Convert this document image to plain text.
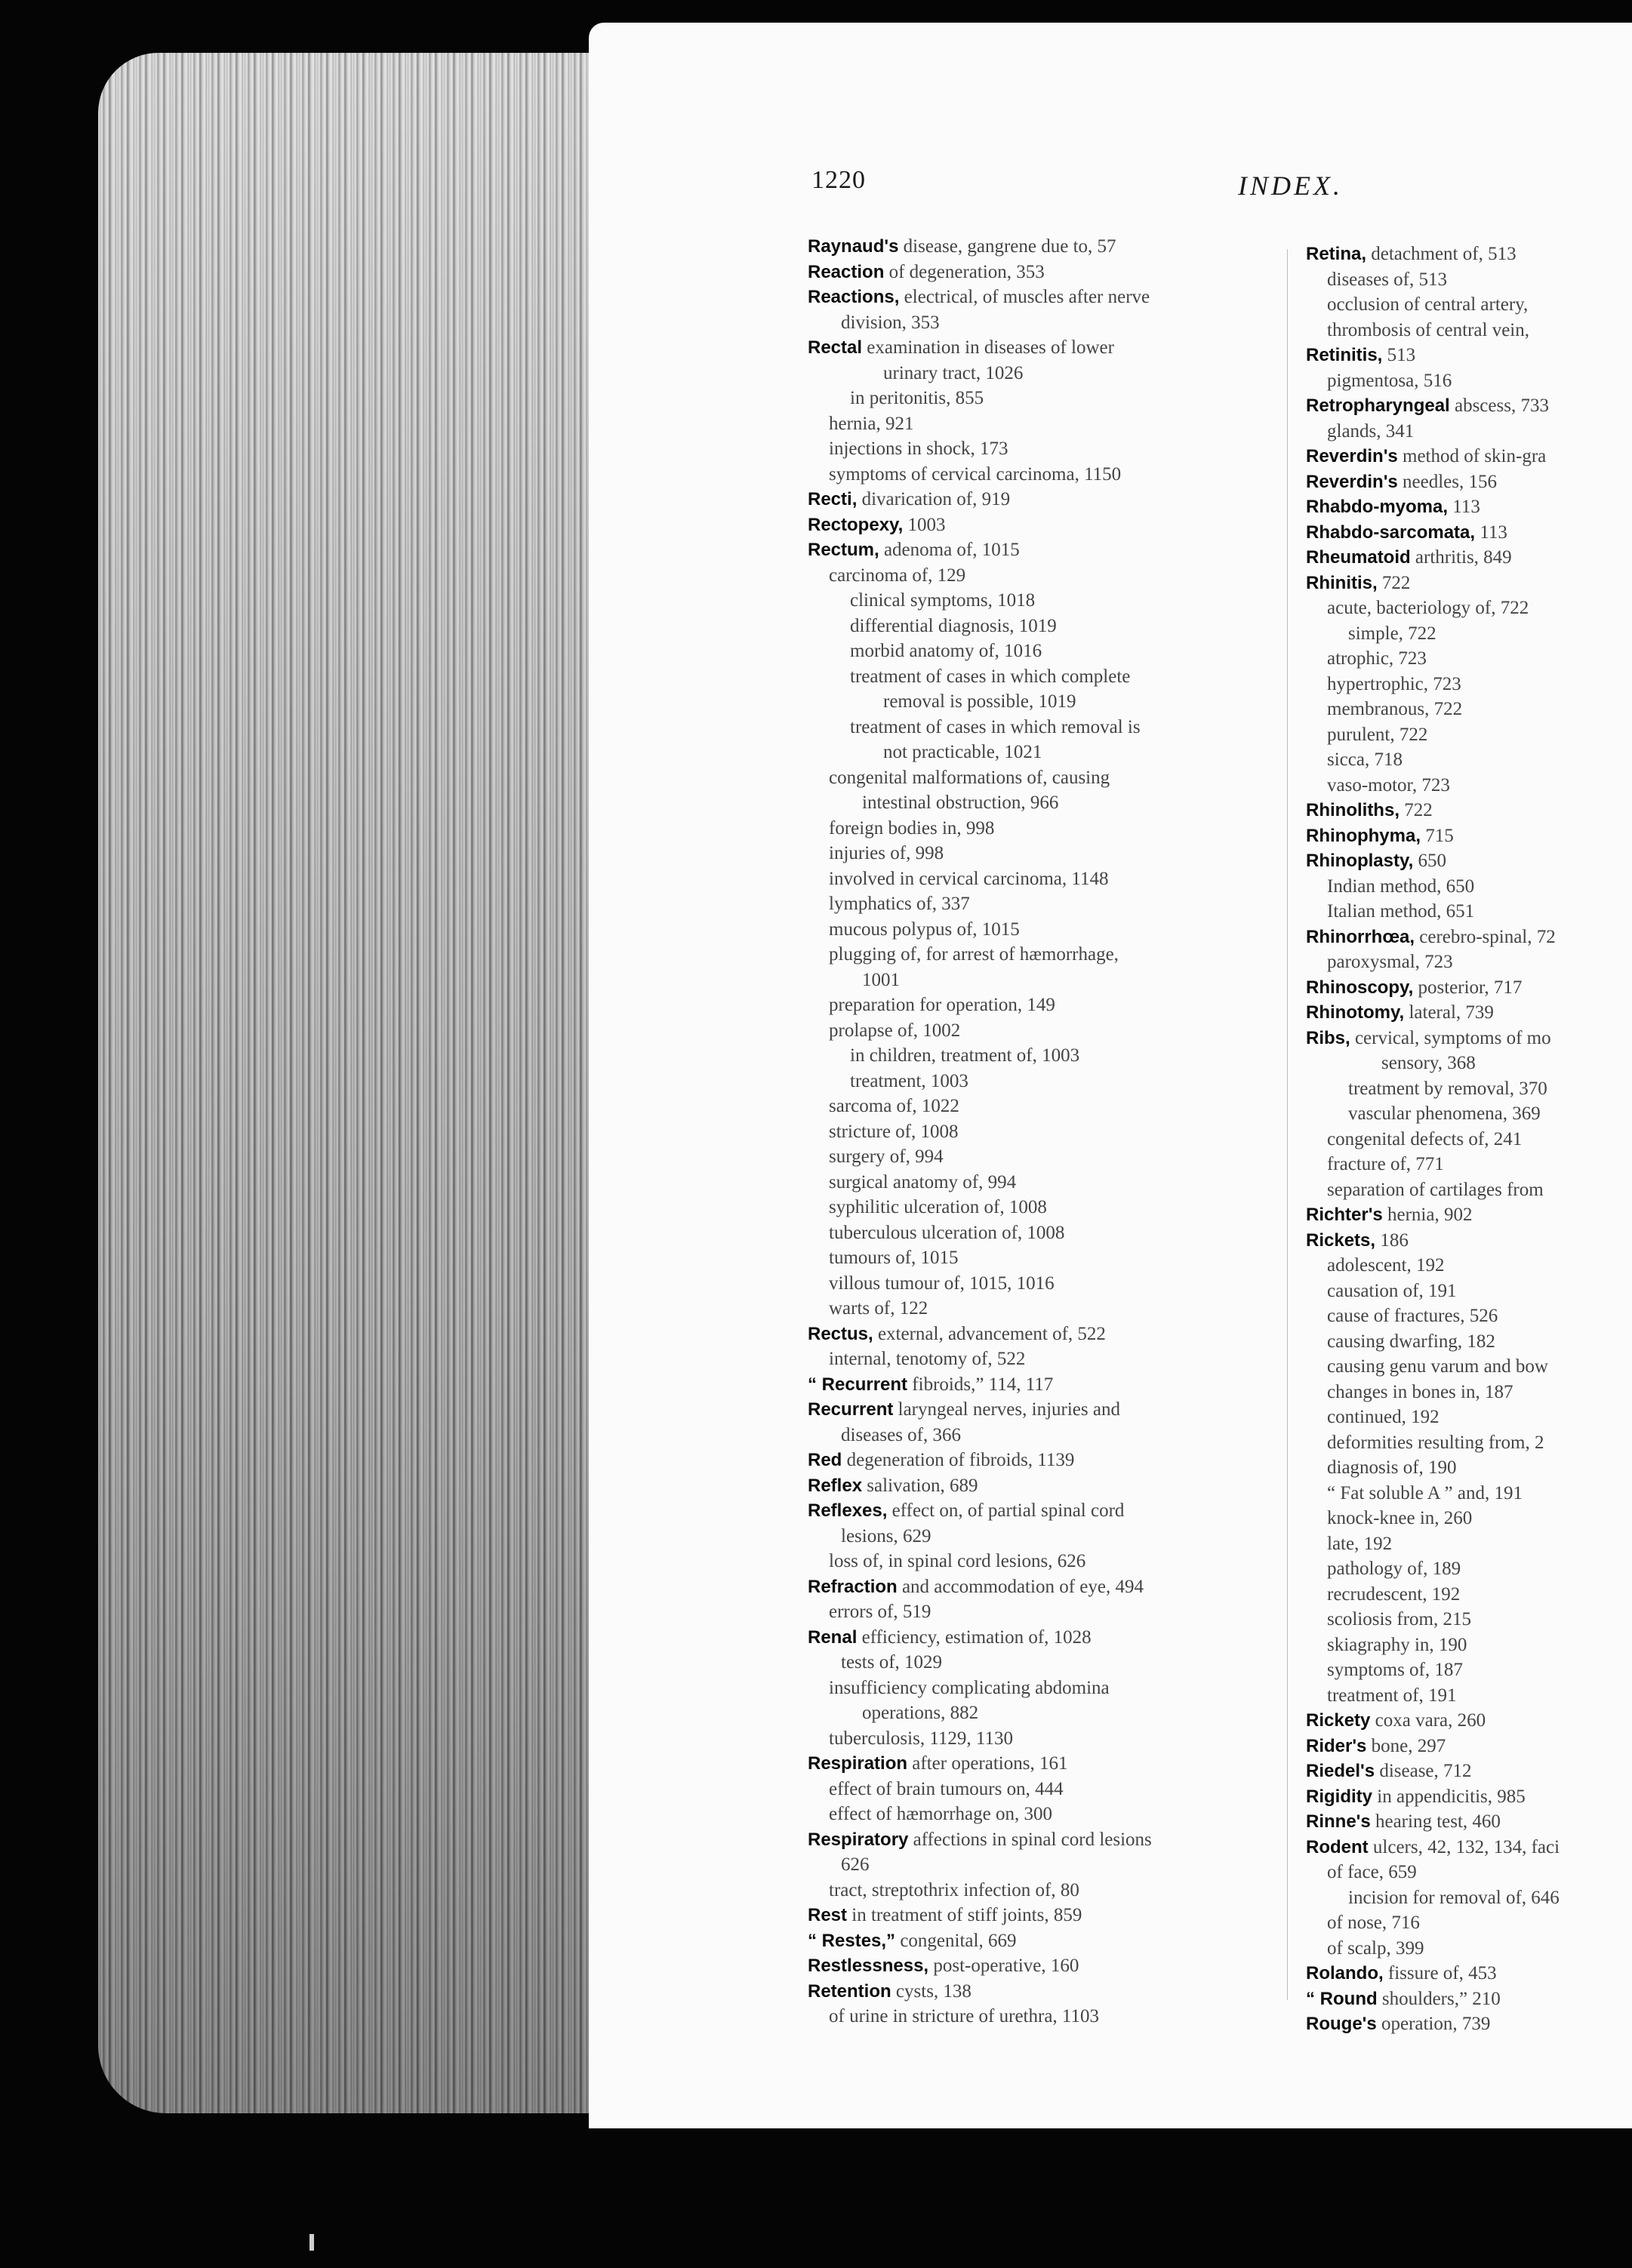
1220	INDEX.
Raynaud's disease, gangrene due to, 57
Reaction of degeneration, 353
Reactions, electrical, of muscles after nerve
division, 353
Rectal examination in diseases of lower
urinary tract, 1026
in peritonitis, 855
hernia, 921
injections in shock, 173
symptoms of cervical carcinoma, 1150
Recti, divarication of, 919
Rectopexy, 1003
Rectum, adenoma of, 1015
carcinoma of, 129
clinical symptoms, 1018
differential diagnosis, 1019
morbid anatomy of, 1016
treatment of cases in which complete
removal is possible, 1019
treatment of cases in which removal is
not practicable, 1021
congenital malformations of, causing
intestinal obstruction, 966
foreign bodies in, 998
injuries of, 998
involved in cervical carcinoma, 1148
lymphatics of, 337
mucous polypus of, 1015
plugging of, for arrest of hæmorrhage,
1001
preparation for operation, 149
prolapse of, 1002
in children, treatment of, 1003
treatment, 1003
sarcoma of, 1022
stricture of, 1008
surgery of, 994
surgical anatomy of, 994
syphilitic ulceration of, 1008
tuberculous ulceration of, 1008
tumours of, 1015
villous tumour of, 1015, 1016
warts of, 122
Rectus, external, advancement of, 522
internal, tenotomy of, 522
“ Recurrent fibroids,” 114, 117
Recurrent laryngeal nerves, injuries and
diseases of, 366
Red degeneration of fibroids, 1139
Reflex salivation, 689
Reflexes, effect on, of partial spinal cord
lesions, 629
loss of, in spinal cord lesions, 626
Refraction and accommodation of eye, 494
errors of, 519
Renal efficiency, estimation of, 1028
tests of, 1029
insufficiency complicating abdomina
operations, 882
tuberculosis, 1129, 1130
Respiration after operations, 161
effect of brain tumours on, 444
effect of hæmorrhage on, 300
Respiratory affections in spinal cord lesions
626
tract, streptothrix infection of, 80
Rest in treatment of stiff joints, 859
“ Restes,” congenital, 669
Restlessness, post-operative, 160
Retention cysts, 138
of urine in stricture of urethra, 1103
Retina, detachment of, 513
diseases of, 513
occlusion of central artery,
thrombosis of central vein,
Retinitis, 513
pigmentosa, 516
Retropharyngeal abscess, 733
glands, 341
Reverdin's method of skin-gra
Reverdin's needles, 156
Rhabdo-myoma, 113
Rhabdo-sarcomata, 113
Rheumatoid arthritis, 849
Rhinitis, 722
acute, bacteriology of, 722
simple, 722
atrophic, 723
hypertrophic, 723
membranous, 722
purulent, 722
sicca, 718
vaso-motor, 723
Rhinoliths, 722
Rhinophyma, 715
Rhinoplasty, 650
Indian method, 650
Italian method, 651
Rhinorrhœa, cerebro-spinal, 72
paroxysmal, 723
Rhinoscopy, posterior, 717
Rhinotomy, lateral, 739
Ribs, cervical, symptoms of mo
sensory, 368
treatment by removal, 370
vascular phenomena, 369
congenital defects of, 241
fracture of, 771
separation of cartilages from
Richter's hernia, 902
Rickets, 186
adolescent, 192
causation of, 191
cause of fractures, 526
causing dwarfing, 182
causing genu varum and bow
changes in bones in, 187
continued, 192
deformities resulting from, 2
diagnosis of, 190
“ Fat soluble A ” and, 191
knock-knee in, 260
late, 192
pathology of, 189
recrudescent, 192
scoliosis from, 215
skiagraphy in, 190
symptoms of, 187
treatment of, 191
Rickety coxa vara, 260
Rider's bone, 297
Riedel's disease, 712
Rigidity in appendicitis, 985
Rinne's hearing test, 460
Rodent ulcers, 42, 132, 134, faci
of face, 659
incision for removal of, 646
of nose, 716
of scalp, 399
Rolando, fissure of, 453
“ Round shoulders,” 210
Rouge's operation, 739
